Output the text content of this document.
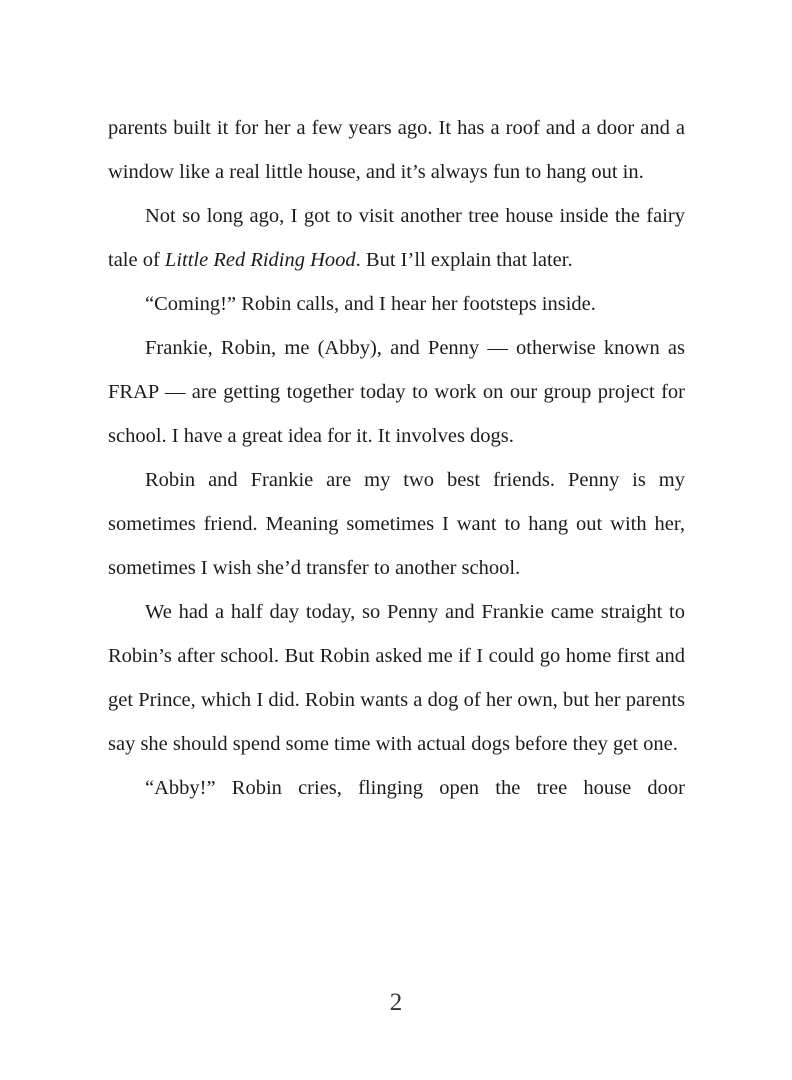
parents built it for her a few years ago. It has a roof and a door and a window like a real little house, and it’s always fun to hang out in.

Not so long ago, I got to visit another tree house inside the fairy tale of Little Red Riding Hood. But I’ll explain that later.

“Coming!” Robin calls, and I hear her footsteps inside.

Frankie, Robin, me (Abby), and Penny — otherwise known as FRAP — are getting together today to work on our group project for school. I have a great idea for it. It involves dogs.

Robin and Frankie are my two best friends. Penny is my sometimes friend. Meaning sometimes I want to hang out with her, sometimes I wish she’d transfer to another school.

We had a half day today, so Penny and Frankie came straight to Robin’s after school. But Robin asked me if I could go home first and get Prince, which I did. Robin wants a dog of her own, but her parents say she should spend some time with actual dogs before they get one.

“Abby!” Robin cries, flinging open the tree house door

2
